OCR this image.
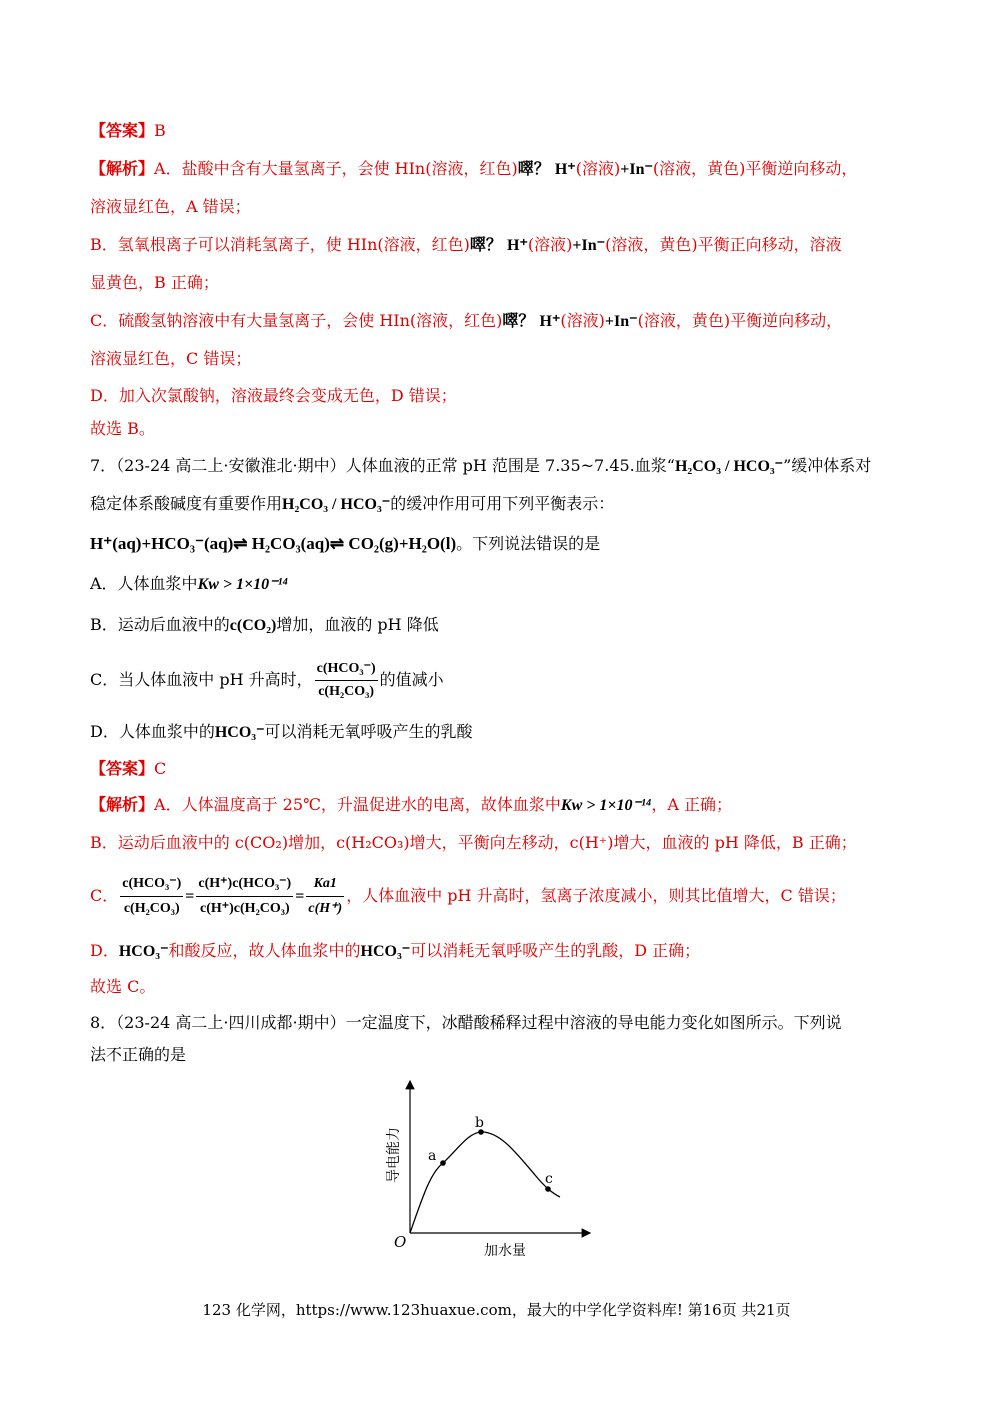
【答案】B
【解析】A．盐酸中含有大量氢离子，会使 HIn(溶液，红色)噿？ H⁺(溶液)+In⁻(溶液，黄色)平衡逆向移动，
溶液显红色，A 错误；
B．氢氧根离子可以消耗氢离子，使 HIn(溶液，红色)噿？ H⁺(溶液)+In⁻(溶液，黄色)平衡正向移动，溶液
显黄色，B 正确；
C．硫酸氢钠溶液中有大量氢离子，会使 HIn(溶液，红色)噿？ H⁺(溶液)+In⁻(溶液，黄色)平衡逆向移动，
溶液显红色，C 错误；
D．加入次氯酸钠，溶液最终会变成无色，D 错误；
故选 B。
7．（23-24 高二上·安徽淮北·期中）人体血液的正常 pH 范围是 7.35~7.45.血浆“H₂CO₃ / HCO₃⁻”缓冲体系对
稳定体系酸碱度有重要作用H₂CO₃ / HCO₃⁻的缓冲作用可用下列平衡表示：
H⁺(aq)+HCO₃⁻(aq)⇌ H₂CO₃(aq)⇌ CO₂(g)+H₂O(l)。下列说法错误的是
A．人体血浆中Kw > 1×10⁻¹⁴
B．运动后血液中的c(CO₂)增加，血液的 pH 降低
C．当人体血液中 pH 升高时， $\frac{\text{c(HCO₃⁻)}}{\text{c(H₂CO₃)}}$ 的值减小
D．人体血浆中的HCO₃⁻可以消耗无氧呼吸产生的乳酸
【答案】C
【解析】A．人体温度高于 25℃，升温促进水的电离，故体血浆中Kw > 1×10⁻¹⁴，A 正确；
B．运动后血液中的 c(CO₂)增加，c(H₂CO₃)增大，平衡向左移动，c(H⁺)增大，血液的 pH 降低，B 正确；
C． $\frac{\text{c(HCO₃⁻)}}{\text{c(H₂CO₃)}} = \frac{\text{c(H⁺)c(HCO₃⁻)}}{\text{c(H⁺)c(H₂CO₃)}} = \frac{Ka1}{c(H^+)}$ ，人体血液中 pH 升高时，氢离子浓度减小，则其比值增大，C 错误；
D．HCO₃⁻和酸反应，故人体血浆中的HCO₃⁻可以消耗无氧呼吸产生的乳酸，D 正确；
故选 C。
8．（23-24 高二上·四川成都·期中）一定温度下，冰醋酸稀释过程中溶液的导电能力变化如图所示。下列说
法不正确的是
a
b
c
O	加水量
导电能力
123 化学网，https://www.123huaxue.com，最大的中学化学资料库! 第16页 共21页
